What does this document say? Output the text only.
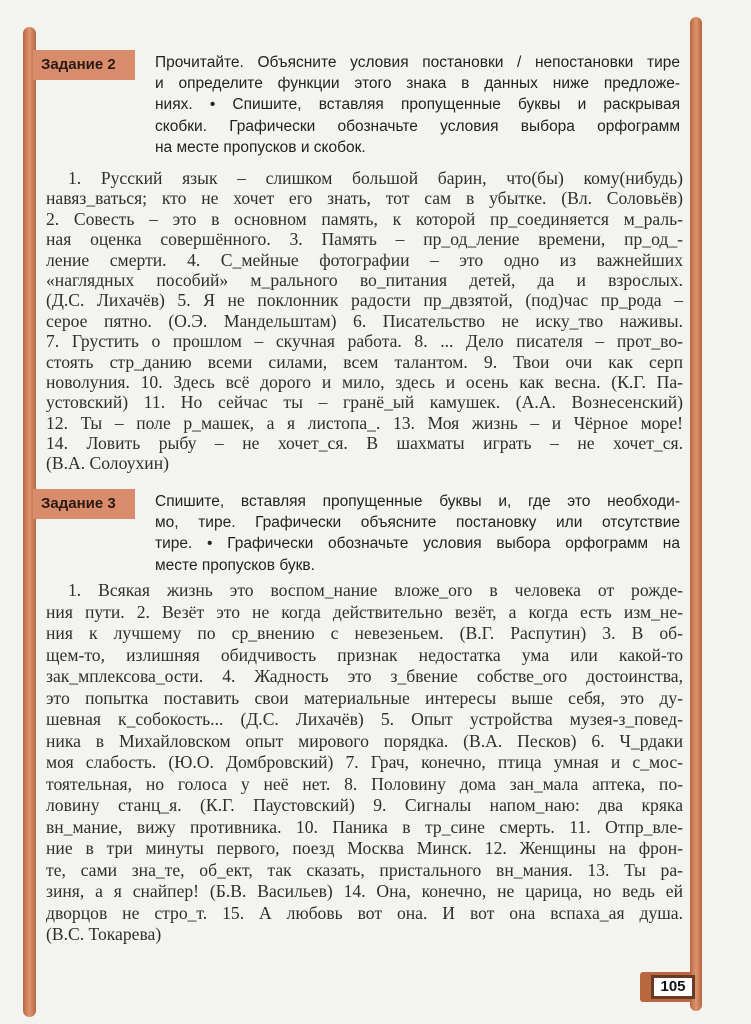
Задание 2	Прочитайте. Объясните условия постановки / непостановки тире
и определите функции этого знака в данных ниже предложе-
ниях. • Спишите, вставляя пропущенные буквы и раскрывая
скобки. Графически обозначьте условия выбора орфограмм
на месте пропусков и скобок.
1. Русский язык – слишком большой барин, что(бы) кому(нибудь)
навяз_ваться; кто не хочет его знать, тот сам в убытке. (Вл. Соловьёв)
2. Совесть – это в основном память, к которой пр_соединяется м_раль-
ная оценка совершённого. 3. Память – пр_од_ление времени, пр_од_-
ление смерти. 4. С_мейные фотографии – это одно из важнейших
«наглядных пособий» м_рального во_питания детей, да и взрослых.
(Д.С. Лихачёв) 5. Я не поклонник радости пр_двзятой, (под)час пр_рода –
серое пятно. (О.Э. Мандельштам) 6. Писательство не иску_тво наживы.
7. Грустить о прошлом – скучная работа. 8. ... Дело писателя – прот_во-
стоять стр_данию всеми силами, всем талантом. 9. Твои очи как серп
новолуния. 10. Здесь всё дорого и мило, здесь и осень как весна. (К.Г. Па-
устовский) 11. Но сейчас ты – гранё_ый камушек. (А.А. Вознесенский)
12. Ты – поле р_машек, а я листопа_. 13. Моя жизнь – и Чёрное море!
14. Ловить рыбу – не хочет_ся. В шахматы играть – не хочет_ся.
(В.А. Солоухин)
Задание 3	Спишите, вставляя пропущенные буквы и, где это необходи-
мо, тире. Графически объясните постановку или отсутствие
тире. • Графически обозначьте условия выбора орфограмм на
месте пропусков букв.
1. Всякая жизнь это воспом_нание вложе_ого в человека от рожде-
ния пути. 2. Везёт это не когда действительно везёт, а когда есть изм_не-
ния к лучшему по ср_внению с невезеньем. (В.Г. Распутин) 3. В об-
щем-то, излишняя обидчивость признак недостатка ума или какой-то
зак_мплексова_ости. 4. Жадность это з_бвение собстве_ого достоинства,
это попытка поставить свои материальные интересы выше себя, это ду-
шевная к_собокость... (Д.С. Лихачёв) 5. Опыт устройства музея-з_повед-
ника в Михайловском опыт мирового порядка. (В.А. Песков) 6. Ч_рдаки
моя слабость. (Ю.О. Домбровский) 7. Грач, конечно, птица умная и с_мос-
тоятельная, но голоса у неё нет. 8. Половину дома зан_мала аптека, по-
ловину станц_я. (К.Г. Паустовский) 9. Сигналы напом_наю: два кряка
вн_мание, вижу противника. 10. Паника в тр_сине смерть. 11. Отпр_вле-
ние в три минуты первого, поезд Москва Минск. 12. Женщины на фрон-
те, сами зна_те, об_ект, так сказать, пристального вн_мания. 13. Ты ра-
зиня, а я снайпер! (Б.В. Васильев) 14. Она, конечно, не царица, но ведь ей
дворцов не стро_т. 15. А любовь вот она. И вот она вспаха_ая душа.
(В.С. Токарева)
105
